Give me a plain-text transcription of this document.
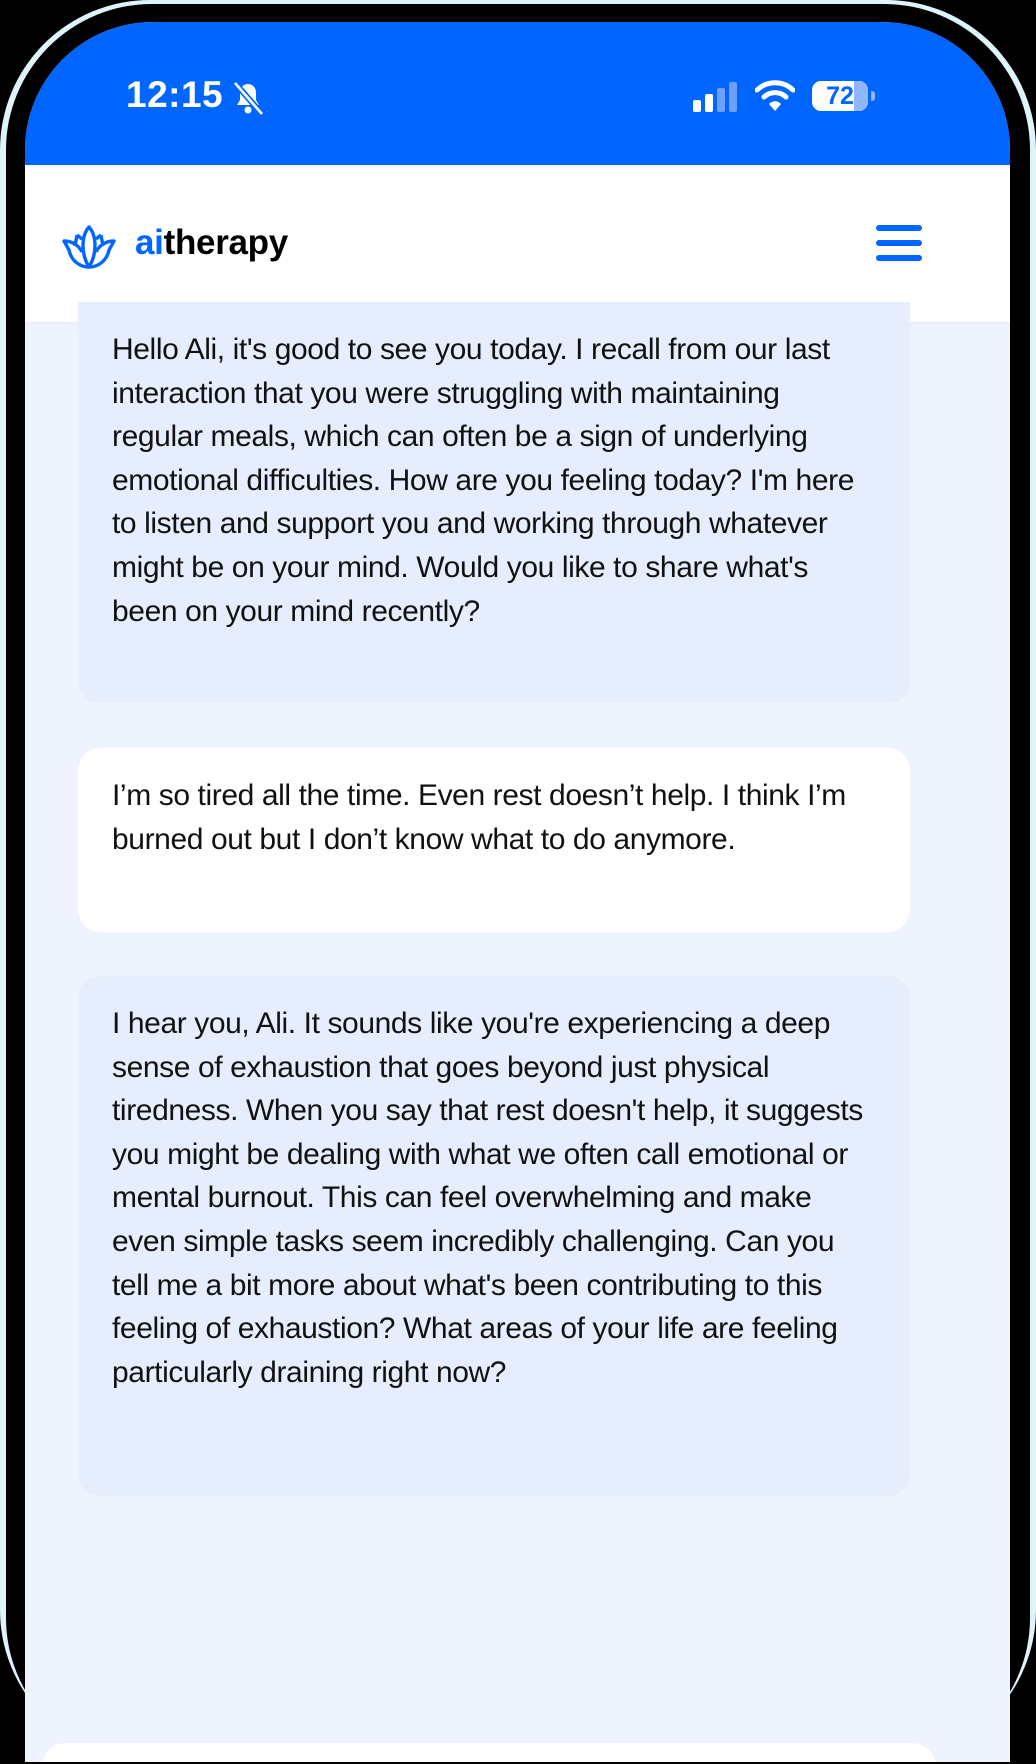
12:15	72
aitherapy
Hello Ali, it's good to see you today. I recall from our last interaction that you were struggling with maintaining regular meals, which can often be a sign of underlying emotional difficulties. How are you feeling today? I'm here to listen and support you and working through whatever might be on your mind. Would you like to share what's been on your mind recently?
I’m so tired all the time. Even rest doesn’t help. I think I’m burned out but I don’t know what to do anymore.
I hear you, Ali. It sounds like you're experiencing a deep sense of exhaustion that goes beyond just physical tiredness. When you say that rest doesn't help, it suggests you might be dealing with what we often call emotional or mental burnout. This can feel overwhelming and make even simple tasks seem incredibly challenging. Can you tell me a bit more about what's been contributing to this feeling of exhaustion? What areas of your life are feeling particularly draining right now?
